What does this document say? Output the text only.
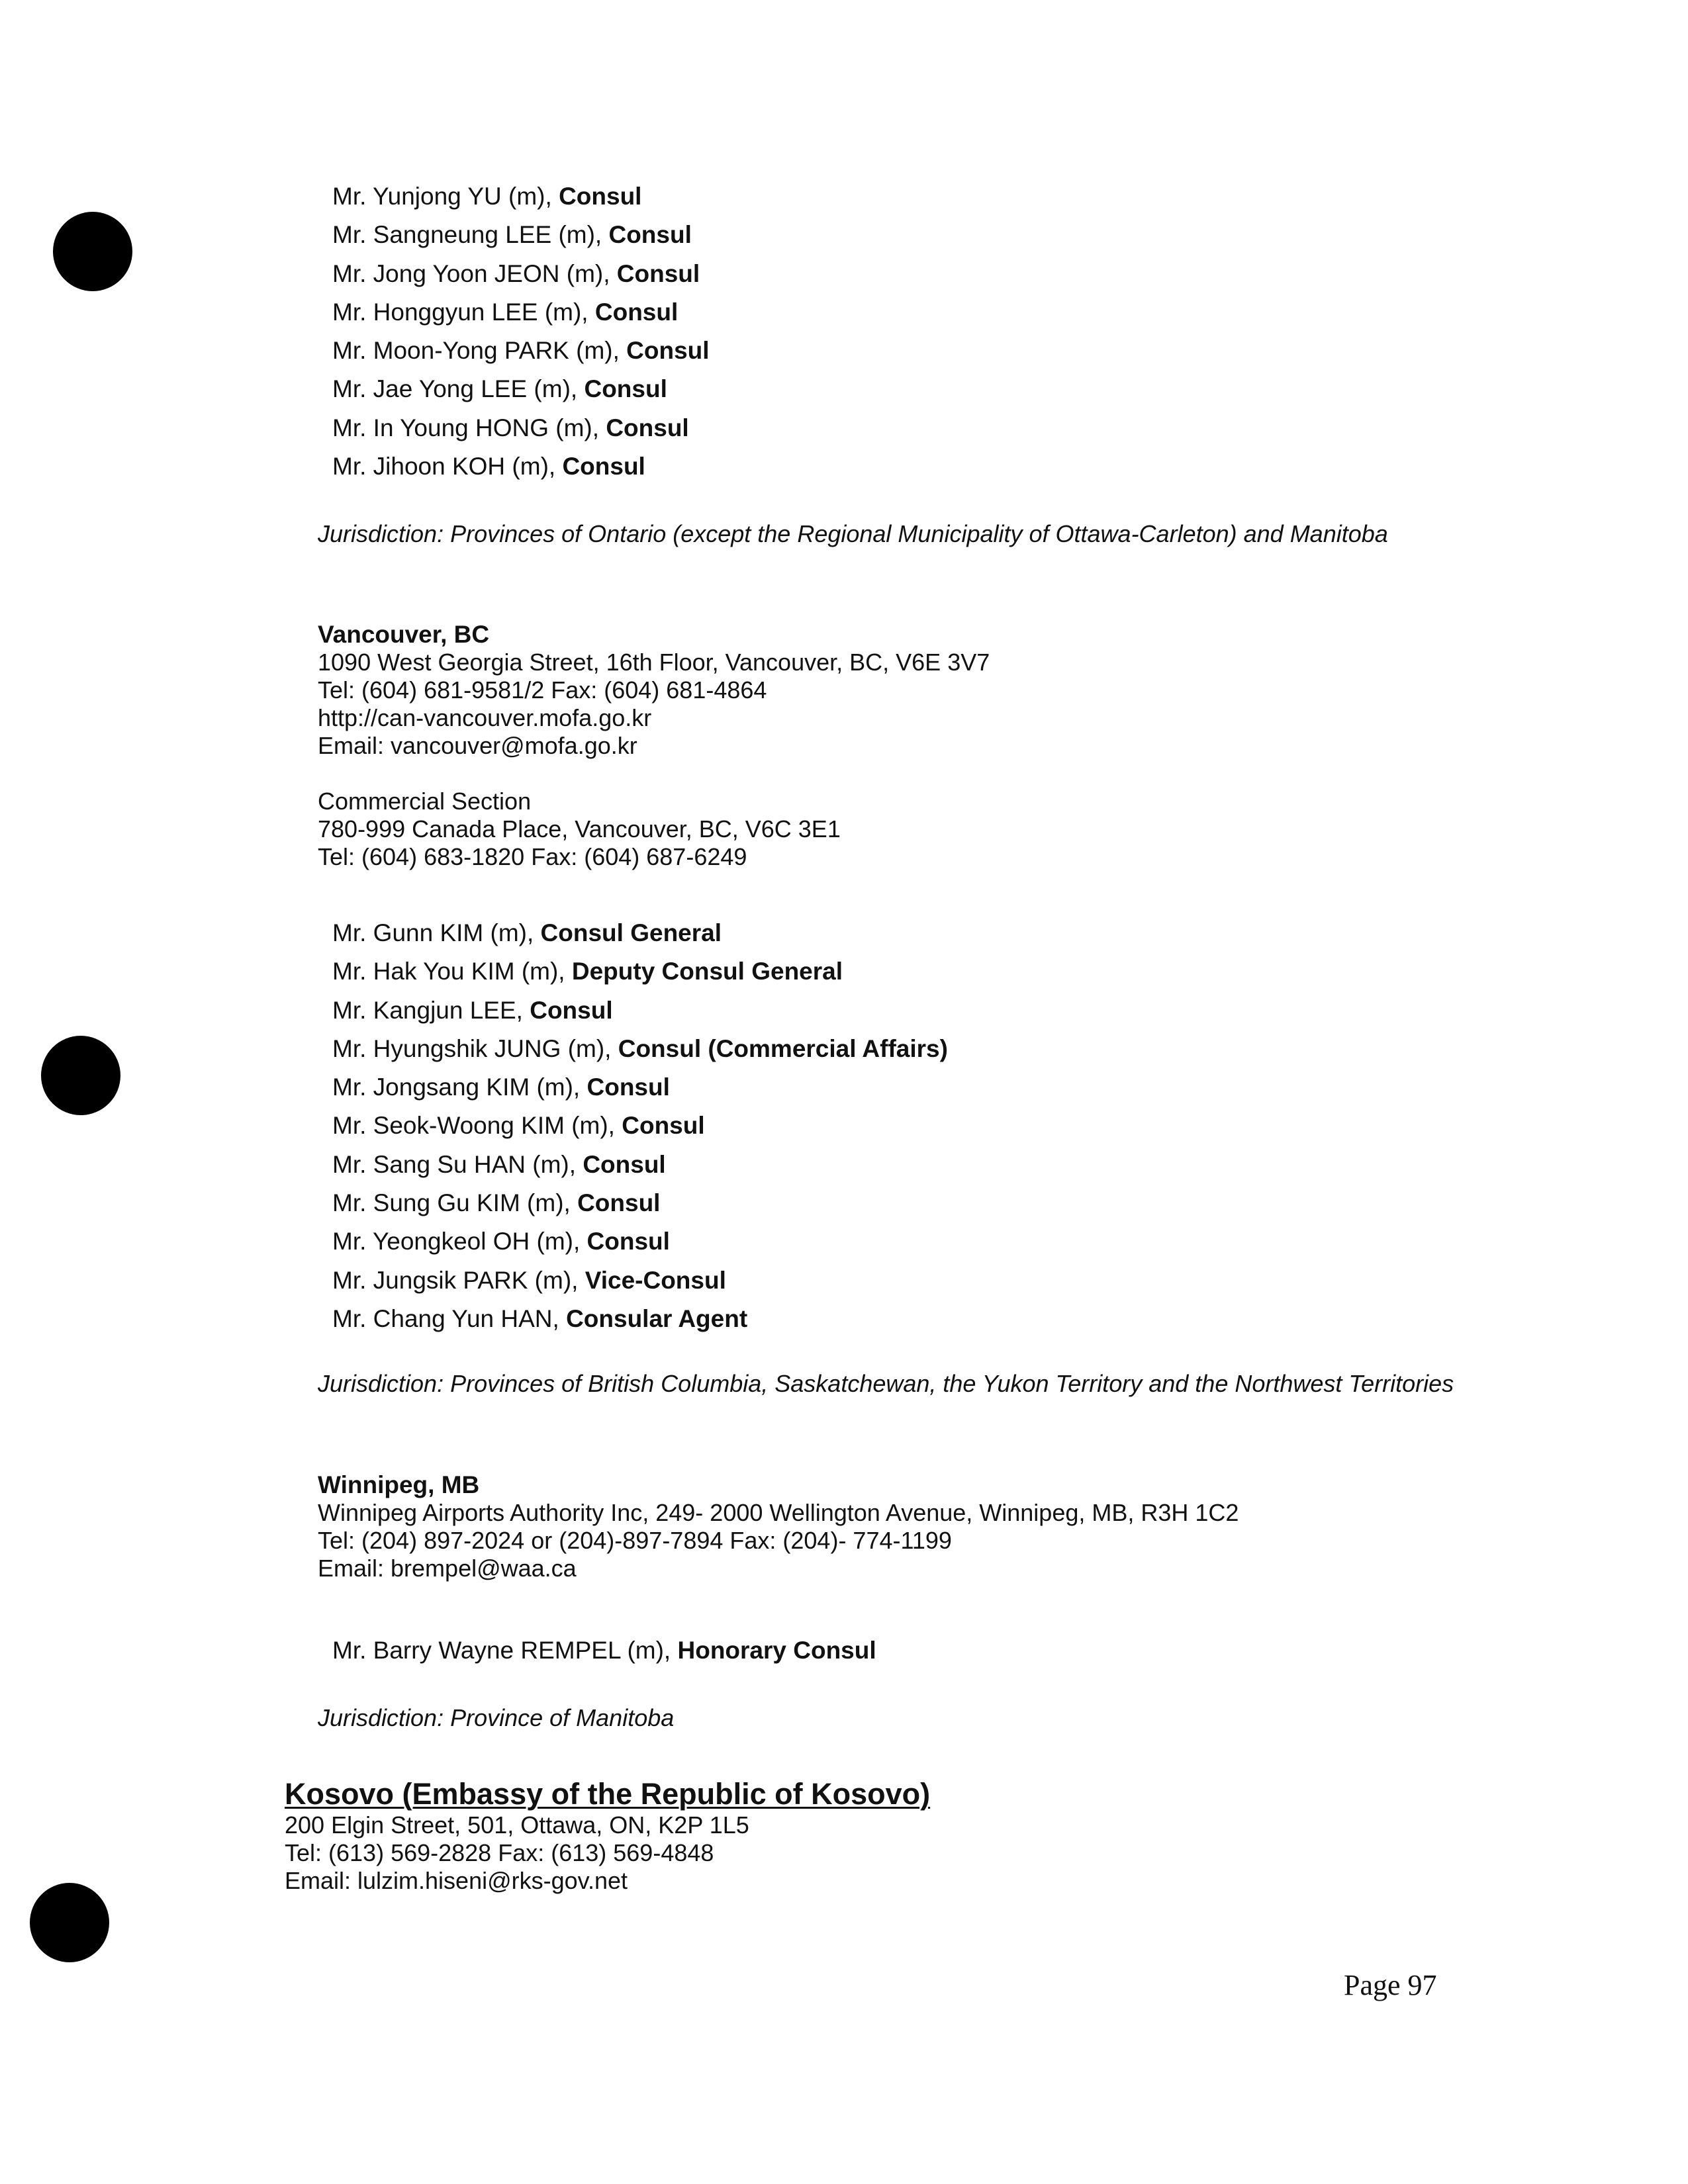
Mr. Yunjong YU (m), Consul
Mr. Sangneung LEE (m), Consul
Mr. Jong Yoon JEON (m), Consul
Mr. Honggyun LEE (m), Consul
Mr. Moon-Yong PARK (m), Consul
Mr. Jae Yong LEE (m), Consul
Mr. In Young HONG (m), Consul
Mr. Jihoon KOH (m), Consul

Jurisdiction: Provinces of Ontario (except the Regional Municipality of Ottawa-Carleton) and Manitoba

Vancouver, BC
1090 West Georgia Street, 16th Floor, Vancouver, BC, V6E 3V7
Tel: (604) 681-9581/2 Fax: (604) 681-4864
http://can-vancouver.mofa.go.kr
Email: vancouver@mofa.go.kr
Commercial Section
780-999 Canada Place, Vancouver, BC, V6C 3E1
Tel: (604) 683-1820 Fax: (604) 687-6249
Mr. Gunn KIM (m), Consul General
Mr. Hak You KIM (m), Deputy Consul General
Mr. Kangjun LEE, Consul
Mr. Hyungshik JUNG (m), Consul (Commercial Affairs)
Mr. Jongsang KIM (m), Consul
Mr. Seok-Woong KIM (m), Consul
Mr. Sang Su HAN (m), Consul
Mr. Sung Gu KIM (m), Consul
Mr. Yeongkeol OH (m), Consul
Mr. Jungsik PARK (m), Vice-Consul
Mr. Chang Yun HAN, Consular Agent

Jurisdiction: Provinces of British Columbia, Saskatchewan, the Yukon Territory and the Northwest Territories

Winnipeg, MB
Winnipeg Airports Authority Inc, 249- 2000 Wellington Avenue, Winnipeg, MB, R3H 1C2
Tel: (204) 897-2024 or (204)-897-7894 Fax: (204)- 774-1199
Email: brempel@waa.ca
Mr. Barry Wayne REMPEL (m), Honorary Consul

Jurisdiction: Province of Manitoba

Kosovo (Embassy of the Republic of Kosovo)
200 Elgin Street, 501, Ottawa, ON, K2P 1L5
Tel: (613) 569-2828 Fax: (613) 569-4848
Email: lulzim.hiseni@rks-gov.net
Page 97
